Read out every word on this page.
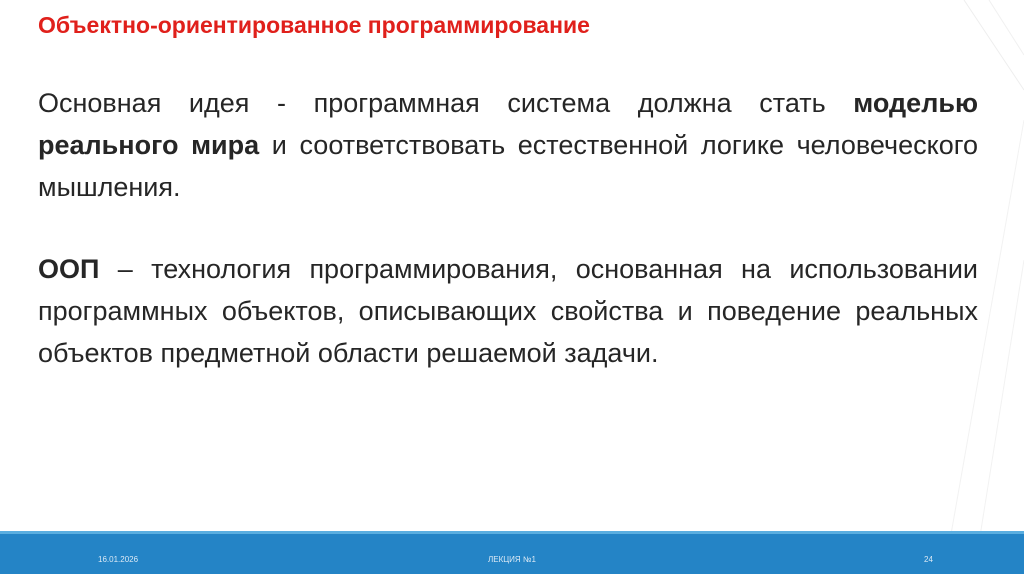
Объектно-ориентированное программирование

Основная идея - программная система должна стать моделью реального мира и соответствовать естественной логике человеческого мышления.

ООП – технология программирования, основанная на использовании программных объектов, описывающих свойства и поведение реальных объектов предметной области решаемой задачи.

16.01.2026	ЛЕКЦИЯ №1	24
